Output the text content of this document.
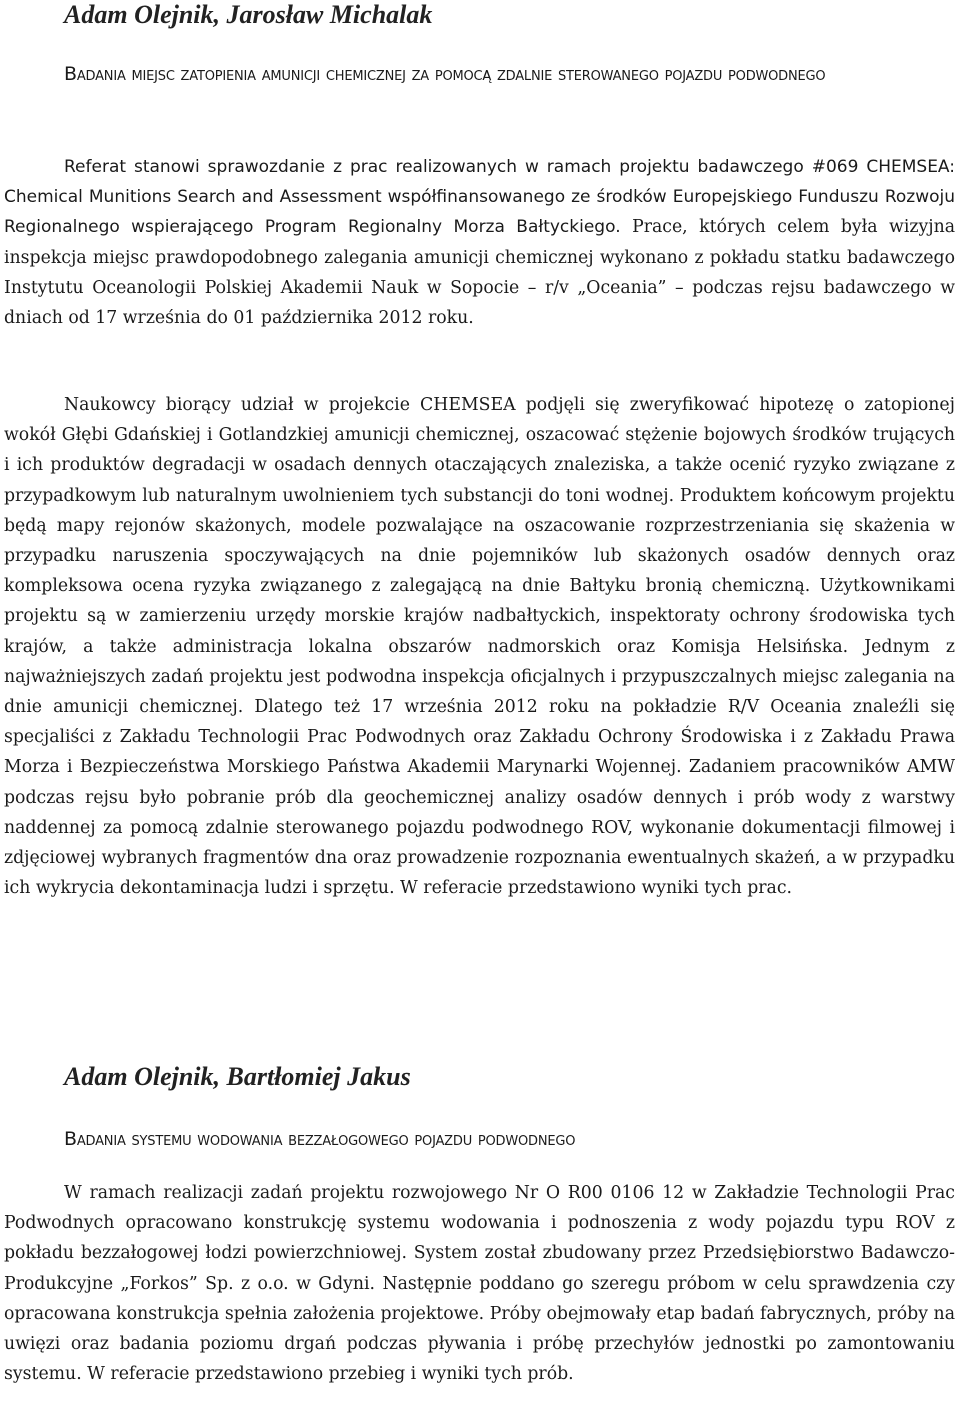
Adam Olejnik, Jarosław Michalak
Badania miejsc zatopienia amunicji chemicznej za pomocą zdalnie sterowanego pojazdu podwodnego

Referat stanowi sprawozdanie z prac realizowanych w ramach projektu badawczego #069 CHEMSEA: Chemical Munitions Search and Assessment współfinansowanego ze środków Europejskiego Funduszu Rozwoju Regionalnego wspierającego Program Regionalny Morza Bałtyckiego. Prace, których celem była wizyjna inspekcja miejsc prawdopodobnego zalegania amunicji chemicznej wykonano z pokładu statku badawczego Instytutu Oceanologii Polskiej Akademii Nauk w Sopocie – r/v „Oceania” – podczas rejsu badawczego w dniach od 17 września do 01 października 2012 roku.

Naukowcy biorący udział w projekcie CHEMSEA podjęli się zweryfikować hipotezę o zatopionej wokół Głębi Gdańskiej i Gotlandzkiej amunicji chemicznej, oszacować stężenie bojowych środków trujących i ich produktów degradacji w osadach dennych otaczających znaleziska, a także ocenić ryzyko związane z przypadkowym lub naturalnym uwolnieniem tych substancji do toni wodnej. Produktem końcowym projektu będą mapy rejonów skażonych, modele pozwalające na oszacowanie rozprzestrzeniania się skażenia w przypadku naruszenia spoczywających na dnie pojemników lub skażonych osadów dennych oraz kompleksowa ocena ryzyka związanego z zalegającą na dnie Bałtyku bronią chemiczną. Użytkownikami projektu są w zamierzeniu urzędy morskie krajów nadbałtyckich, inspektoraty ochrony środowiska tych krajów, a także administracja lokalna obszarów nadmorskich oraz Komisja Helsińska. Jednym z najważniejszych zadań projektu jest podwodna inspekcja oficjalnych i przypuszczalnych miejsc zalegania na dnie amunicji chemicznej. Dlatego też 17 września 2012 roku na pokładzie R/V Oceania znaleźli się specjaliści z Zakładu Technologii Prac Podwodnych oraz Zakładu Ochrony Środowiska i z Zakładu Prawa Morza i Bezpieczeństwa Morskiego Państwa Akademii Marynarki Wojennej. Zadaniem pracowników AMW podczas rejsu było pobranie prób dla geochemicznej analizy osadów dennych i prób wody z warstwy naddennej za pomocą zdalnie sterowanego pojazdu podwodnego ROV, wykonanie dokumentacji filmowej i zdjęciowej wybranych fragmentów dna oraz prowadzenie rozpoznania ewentualnych skażeń, a w przypadku ich wykrycia dekontaminacja ludzi i sprzętu. W referacie przedstawiono wyniki tych prac.

Adam Olejnik, Bartłomiej Jakus
Badania systemu wodowania bezzałogowego pojazdu podwodnego

W ramach realizacji zadań projektu rozwojowego Nr O R00 0106 12 w Zakładzie Technologii Prac Podwodnych opracowano konstrukcję systemu wodowania i podnoszenia z wody pojazdu typu ROV z pokładu bezzałogowej łodzi powierzchniowej. System został zbudowany przez Przedsiębiorstwo Badawczo-Produkcyjne „Forkos” Sp. z o.o. w Gdyni. Następnie poddano go szeregu próbom w celu sprawdzenia czy opracowana konstrukcja spełnia założenia projektowe. Próby obejmowały etap badań fabrycznych, próby na uwięzi oraz badania poziomu drgań podczas pływania i próbę przechyłów jednostki po zamontowaniu systemu. W referacie przedstawiono przebieg i wyniki tych prób.
